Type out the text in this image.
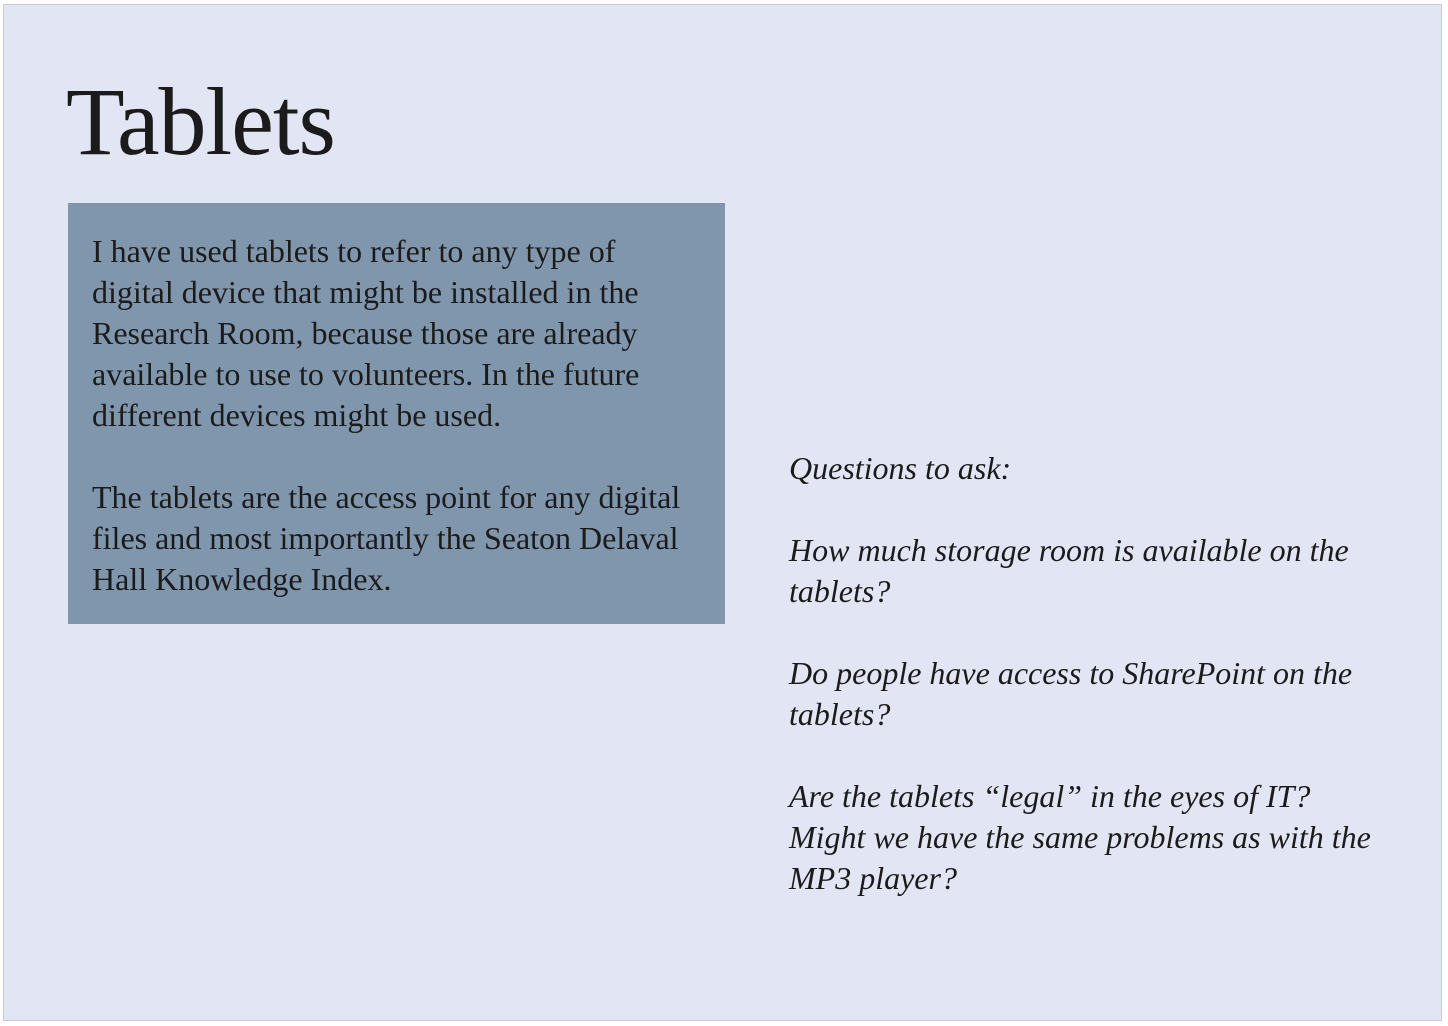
Tablets

I have used tablets to refer to any type of digital device that might be installed in the Research Room, because those are already available to use to volunteers. In the future different devices might be used.

The tablets are the access point for any digital files and most importantly the Seaton Delaval Hall Knowledge Index.

Questions to ask:

How much storage room is available on the tablets?

Do people have access to SharePoint on the tablets?

Are the tablets “legal” in the eyes of IT? Might we have the same problems as with the MP3 player?
